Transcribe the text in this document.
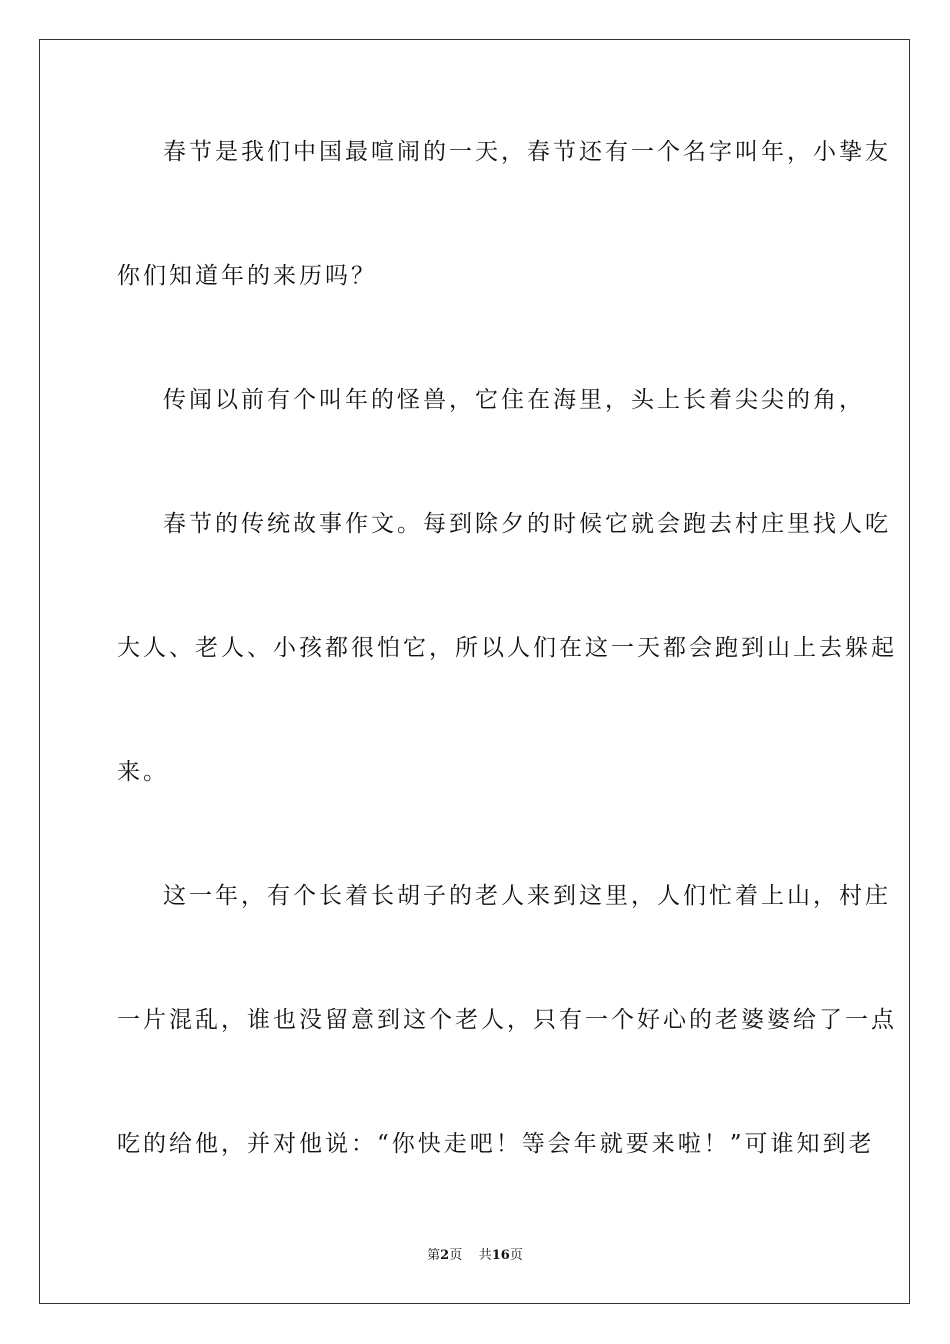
春节是我们中国最喧闹的一天，春节还有一个名字叫年，小挚友
你们知道年的来历吗？
传闻以前有个叫年的怪兽，它住在海里，头上长着尖尖的角，
春节的传统故事作文。每到除夕的时候它就会跑去村庄里找人吃
大人、老人、小孩都很怕它，所以人们在这一天都会跑到山上去躲起
来。
这一年，有个长着长胡子的老人来到这里，人们忙着上山，村庄
一片混乱，谁也没留意到这个老人，只有一个好心的老婆婆给了一点
吃的给他，并对他说：“你快走吧！等会年就要来啦！”可谁知到老
第2页 共16页
